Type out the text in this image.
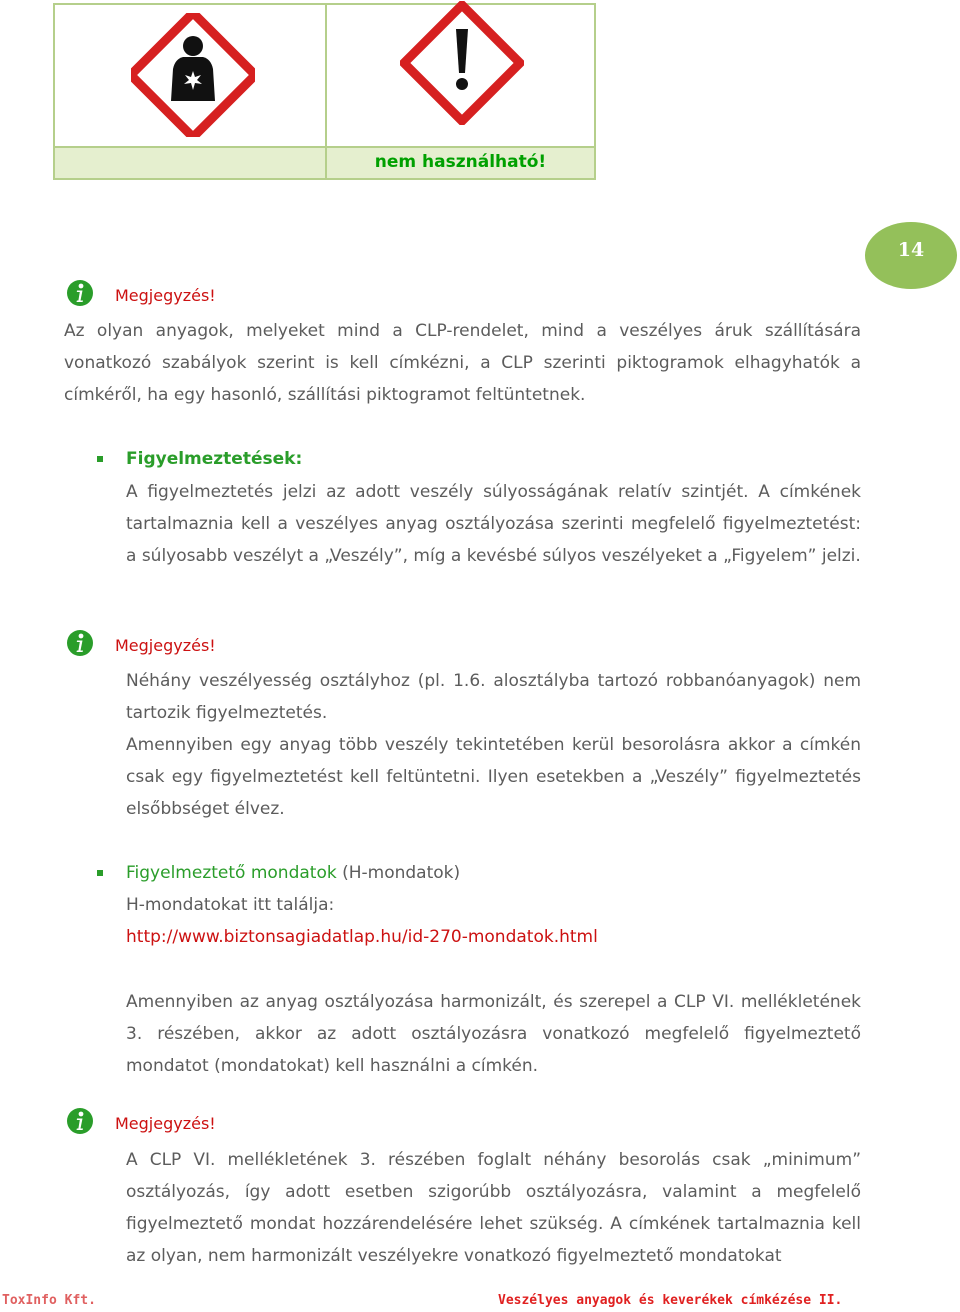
nem használható!
14
Megjegyzés!
Az olyan anyagok, melyeket mind a CLP-rendelet, mind a veszélyes áruk szállítására vonatkozó szabályok szerint is kell címkézni, a CLP szerinti piktogramok elhagyhatók a címkéről, ha egy hasonló, szállítási piktogramot feltüntetnek.
Figyelmeztetések:
A figyelmeztetés jelzi az adott veszély súlyosságának relatív szintjét. A címkének tartalmaznia kell a veszélyes anyag osztályozása szerinti megfelelő figyelmeztetést: a súlyosabb veszélyt a „Veszély”, míg a kevésbé súlyos veszélyeket a „Figyelem” jelzi.
Megjegyzés!
Néhány veszélyesség osztályhoz (pl. 1.6. alosztályba tartozó robbanóanyagok) nem tartozik figyelmeztetés.
Amennyiben egy anyag több veszély tekintetében kerül besorolásra akkor a címkén csak egy figyelmeztetést kell feltüntetni. Ilyen esetekben a „Veszély” figyelmeztetés elsőbbséget élvez.
Figyelmeztető mondatok (H-mondatok)
H-mondatokat itt találja:
http://www.biztonsagiadatlap.hu/id-270-mondatok.html
Amennyiben az anyag osztályozása harmonizált, és szerepel a CLP VI. mellékletének 3. részében, akkor az adott osztályozásra vonatkozó megfelelő figyelmeztető mondatot (mondatokat) kell használni a címkén.
Megjegyzés!
A CLP VI. mellékletének 3. részében foglalt néhány besorolás csak „minimum” osztályozás, így adott esetben szigorúbb osztályozásra, valamint a megfelelő figyelmeztető mondat hozzárendelésére lehet szükség. A címkének tartalmaznia kell az olyan, nem harmonizált veszélyekre vonatkozó figyelmeztető mondatokat
ToxInfo Kft.	Veszélyes anyagok és keverékek címkézése II.
